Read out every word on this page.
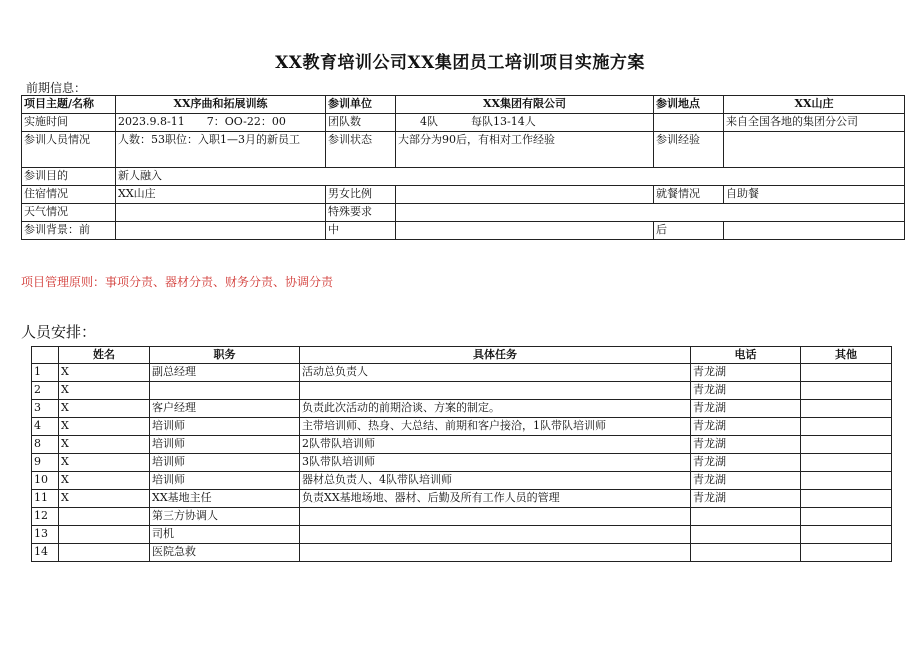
XX教育培训公司XX集团员工培训项目实施方案
前期信息：
项目主题/名称	XX序曲和拓展训练	参训单位	XX集团有限公司	参训地点	XX山庄
实施时间	2023.9.8-11　　7：OO-22：00	团队数	　　4队　　　每队13-14人		来自全国各地的集团分公司
参训人员情况	人数：53职位：入职1—3月的新员工	参训状态	大部分为90后，有相对工作经验	参训经验	
参训目的	新人融入				
住宿情况	XX山庄	男女比例		就餐情况	自助餐
天气情况		特殊要求			
参训背景：前		中		后	
项目管理原则：事项分责、器材分责、财务分责、协调分责
人员安排：
	姓名	职务	具体任务	电话	其他
1	X	副总经理	活动总负责人	青龙湖	
2	X			青龙湖	
3	X	客户经理	负责此次活动的前期洽谈、方案的制定。	青龙湖	
4	X	培训师	主带培训师、热身、大总结、前期和客户接洽，1队带队培训师	青龙湖	
8	X	培训师	2队带队培训师	青龙湖	
9	X	培训师	3队带队培训师	青龙湖	
10	X	培训师	器材总负责人、4队带队培训师	青龙湖	
11	X	XX基地主任	负责XX基地场地、器材、后勤及所有工作人员的管理	青龙湖	
12		第三方协调人			
13		司机			
14		医院急救			
